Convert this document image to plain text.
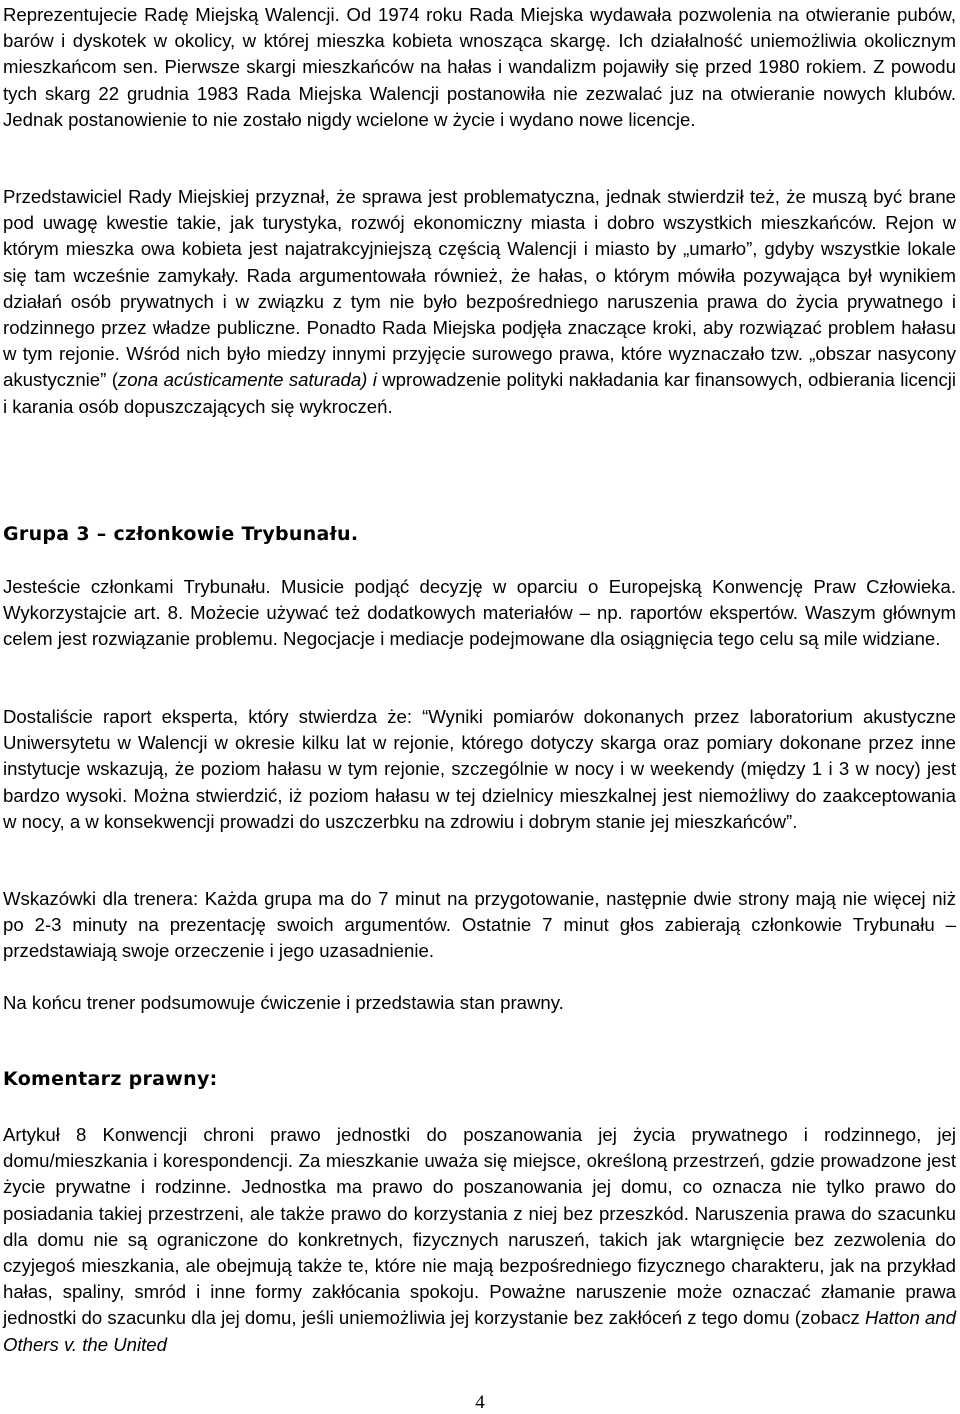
Reprezentujecie Radę Miejską Walencji. Od 1974 roku Rada Miejska wydawała pozwolenia na otwieranie pubów, barów i dyskotek w okolicy, w której mieszka kobieta wnosząca skargę. Ich działalność uniemożliwia okolicznym mieszkańcom sen. Pierwsze skargi mieszkańców na hałas i wandalizm pojawiły się przed 1980 rokiem. Z powodu tych skarg 22 grudnia 1983 Rada Miejska Walencji postanowiła nie zezwalać juz na otwieranie nowych klubów. Jednak postanowienie to nie zostało nigdy wcielone w życie i wydano nowe licencje.

Przedstawiciel Rady Miejskiej przyznał, że sprawa jest problematyczna, jednak stwierdził też, że muszą być brane pod uwagę kwestie takie, jak turystyka, rozwój ekonomiczny miasta i dobro wszystkich mieszkańców. Rejon w którym mieszka owa kobieta jest najatrakcyjniejszą częścią Walencji i miasto by „umarło”, gdyby wszystkie lokale się tam wcześnie zamykały. Rada argumentowała również, że hałas, o którym mówiła pozywająca był wynikiem działań osób prywatnych i w związku z tym nie było bezpośredniego naruszenia prawa do życia prywatnego i rodzinnego przez władze publiczne. Ponadto Rada Miejska podjęła znaczące kroki, aby rozwiązać problem hałasu w tym rejonie. Wśród nich było miedzy innymi przyjęcie surowego prawa, które wyznaczało tzw. „obszar nasycony akustycznie” (zona acústicamente saturada) i wprowadzenie polityki nakładania kar finansowych, odbierania licencji i karania osób dopuszczających się wykroczeń.

Grupa 3 – członkowie Trybunału.

Jesteście członkami Trybunału. Musicie podjąć decyzję w oparciu o Europejską Konwencję Praw Człowieka. Wykorzystajcie art. 8. Możecie używać też dodatkowych materiałów – np. raportów ekspertów. Waszym głównym celem jest rozwiązanie problemu. Negocjacje i mediacje podejmowane dla osiągnięcia tego celu są mile widziane.

Dostaliście raport eksperta, który stwierdza że: “Wyniki pomiarów dokonanych przez laboratorium akustyczne Uniwersytetu w Walencji w okresie kilku lat w rejonie, którego dotyczy skarga oraz pomiary dokonane przez inne instytucje wskazują, że poziom hałasu w tym rejonie, szczególnie w nocy i w weekendy (między 1 i 3 w nocy) jest bardzo wysoki. Można stwierdzić, iż poziom hałasu w tej dzielnicy mieszkalnej jest niemożliwy do zaakceptowania w nocy, a w konsekwencji prowadzi do uszczerbku na zdrowiu i dobrym stanie jej mieszkańców”.

Wskazówki dla trenera: Każda grupa ma do 7 minut na przygotowanie, następnie dwie strony mają nie więcej niż po 2-3 minuty na prezentację swoich argumentów. Ostatnie 7 minut głos zabierają członkowie Trybunału – przedstawiają swoje orzeczenie i jego uzasadnienie.

Na końcu trener podsumowuje ćwiczenie i przedstawia stan prawny.

Komentarz prawny:

Artykuł 8 Konwencji chroni prawo jednostki do poszanowania jej życia prywatnego i rodzinnego, jej domu/mieszkania i korespondencji. Za mieszkanie uważa się miejsce, określoną przestrzeń, gdzie prowadzone jest życie prywatne i rodzinne. Jednostka ma prawo do poszanowania jej domu, co oznacza nie tylko prawo do posiadania takiej przestrzeni, ale także prawo do korzystania z niej bez przeszkód. Naruszenia prawa do szacunku dla domu nie są ograniczone do konkretnych, fizycznych naruszeń, takich jak wtargnięcie bez zezwolenia do czyjegoś mieszkania, ale obejmują także te, które nie mają bezpośredniego fizycznego charakteru, jak na przykład hałas, spaliny, smród i inne formy zakłócania spokoju. Poważne naruszenie może oznaczać złamanie prawa jednostki do szacunku dla jej domu, jeśli uniemożliwia jej korzystanie bez zakłóceń z tego domu (zobacz Hatton and Others v. the United

4
